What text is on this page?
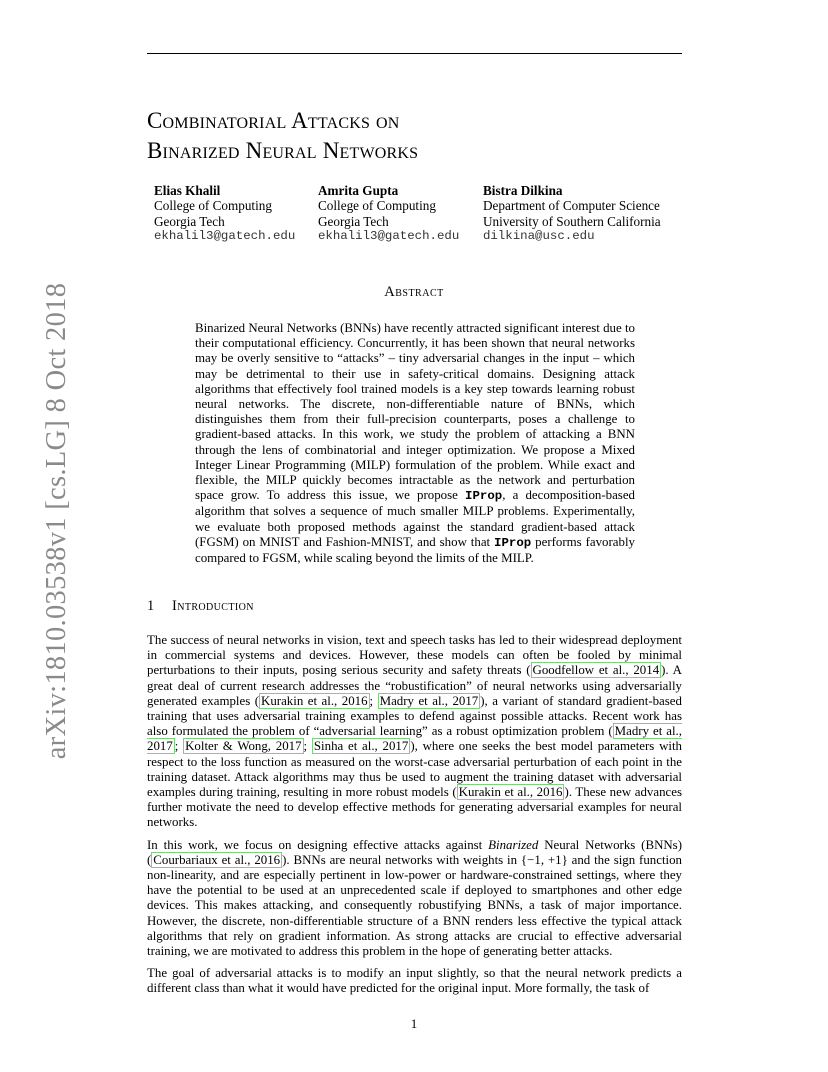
arXiv:1810.03538v1 [cs.LG] 8 Oct 2018
Combinatorial Attacks on
Binarized Neural Networks
Elias Khalil
College of Computing
Georgia Tech
ekhalil3@gatech.edu
Amrita Gupta
College of Computing
Georgia Tech
ekhalil3@gatech.edu
Bistra Dilkina
Department of Computer Science
University of Southern California
dilkina@usc.edu
Abstract

Binarized Neural Networks (BNNs) have recently attracted significant interest due to their computational efficiency. Concurrently, it has been shown that neural networks may be overly sensitive to “attacks” – tiny adversarial changes in the input – which may be detrimental to their use in safety-critical domains. Designing attack algorithms that effectively fool trained models is a key step towards learning robust neural networks. The discrete, non-differentiable nature of BNNs, which distinguishes them from their full-precision counterparts, poses a challenge to gradient-based attacks. In this work, we study the problem of attacking a BNN through the lens of combinatorial and integer optimization. We propose a Mixed Integer Linear Programming (MILP) formulation of the problem. While exact and flexible, the MILP quickly becomes intractable as the network and perturbation space grow. To address this issue, we propose IProp, a decomposition-based algorithm that solves a sequence of much smaller MILP problems. Experimentally, we evaluate both proposed methods against the standard gradient-based attack (FGSM) on MNIST and Fashion-MNIST, and show that IProp performs favorably compared to FGSM, while scaling beyond the limits of the MILP.

1 Introduction

The success of neural networks in vision, text and speech tasks has led to their widespread deployment in commercial systems and devices. However, these models can often be fooled by minimal perturbations to their inputs, posing serious security and safety threats ( Goodfellow et al., 2014 ). A great deal of current research addresses the “robustification” of neural networks using adversarially generated examples ( Kurakin et al., 2016 ; Madry et al., 2017 ), a variant of standard gradient-based training that uses adversarial training examples to defend against possible attacks. Recent work has also formulated the problem of “adversarial learning” as a robust optimization problem ( Madry et al., 2017 ; Kolter & Wong, 2017 ; Sinha et al., 2017 ), where one seeks the best model parameters with respect to the loss function as measured on the worst-case adversarial perturbation of each point in the training dataset. Attack algorithms may thus be used to augment the training dataset with adversarial examples during training, resulting in more robust models ( Kurakin et al., 2016 ). These new advances further motivate the need to develop effective methods for generating adversarial examples for neural networks.

In this work, we focus on designing effective attacks against Binarized Neural Networks (BNNs) ( Courbariaux et al., 2016 ). BNNs are neural networks with weights in {−1, +1} and the sign function non-linearity, and are especially pertinent in low-power or hardware-constrained settings, where they have the potential to be used at an unprecedented scale if deployed to smartphones and other edge devices. This makes attacking, and consequently robustifying BNNs, a task of major importance. However, the discrete, non-differentiable structure of a BNN renders less effective the typical attack algorithms that rely on gradient information. As strong attacks are crucial to effective adversarial training, we are motivated to address this problem in the hope of generating better attacks.

The goal of adversarial attacks is to modify an input slightly, so that the neural network predicts a different class than what it would have predicted for the original input. More formally, the task of

1
